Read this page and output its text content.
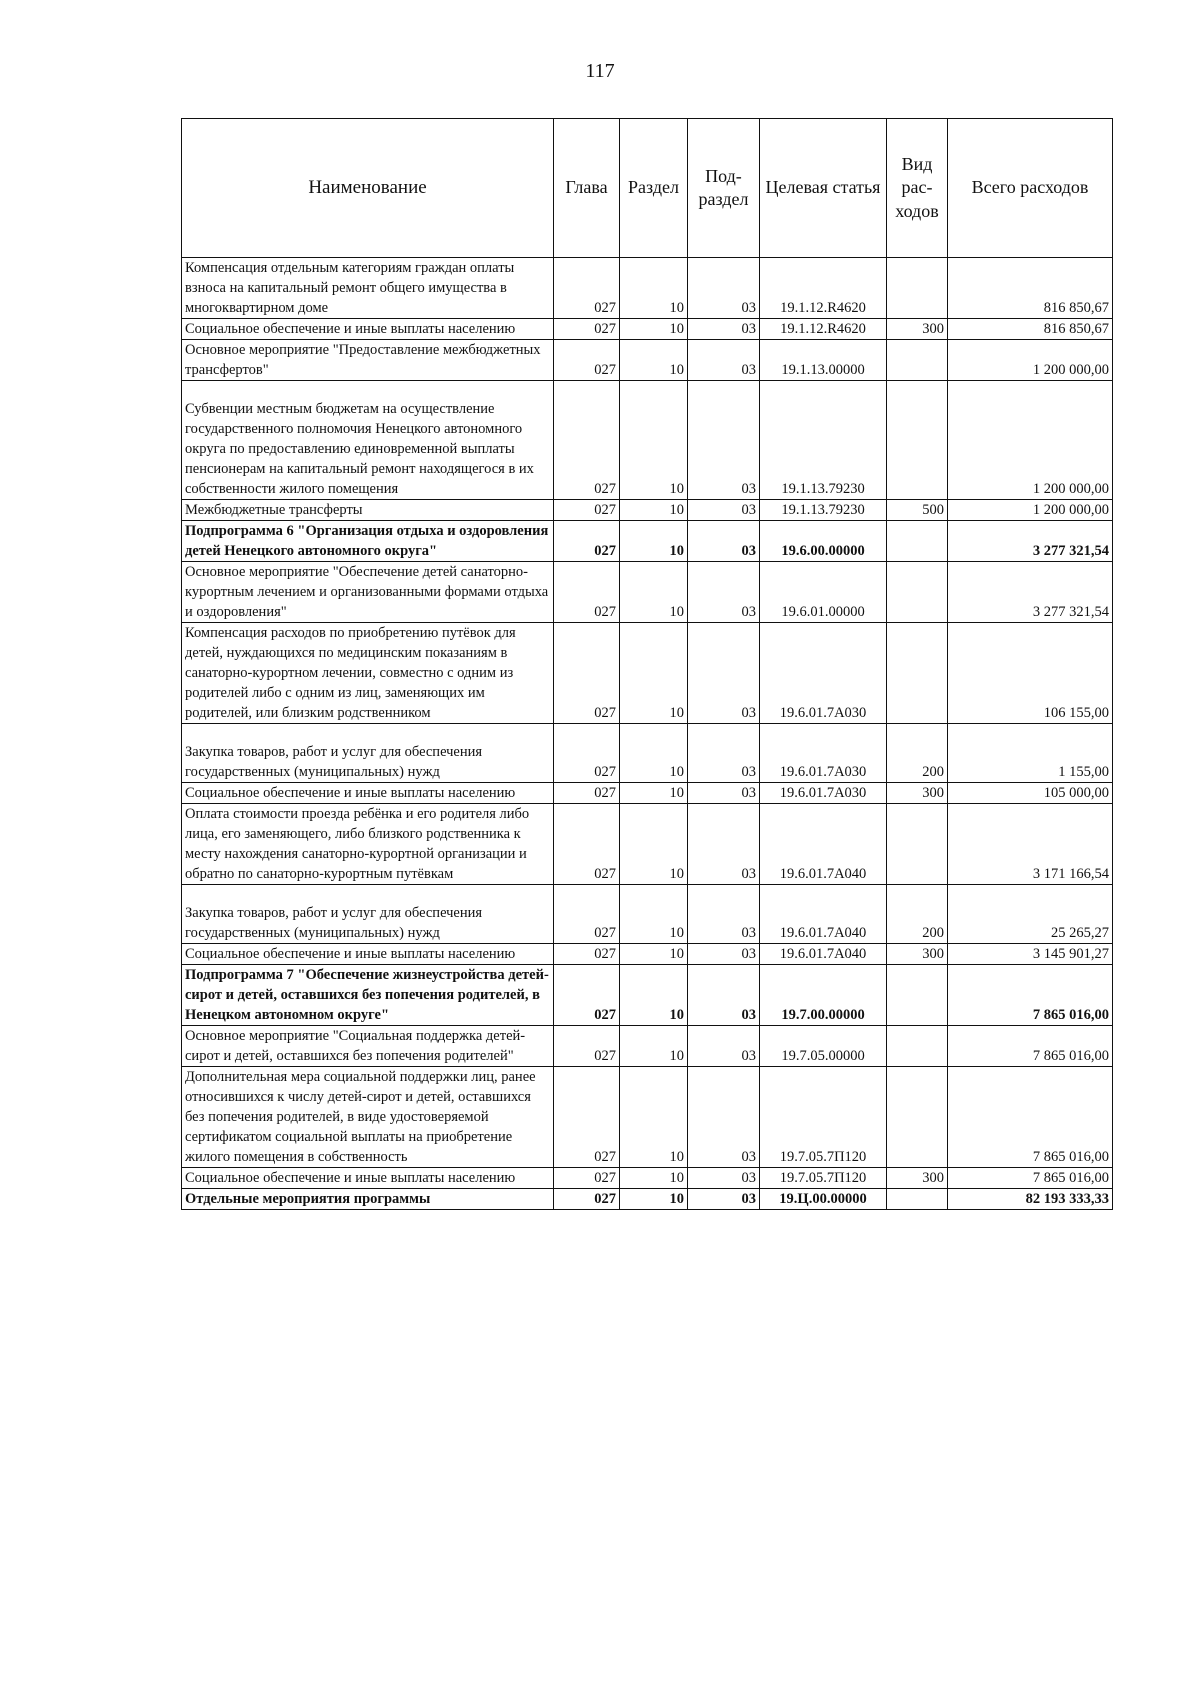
117
Наименование	Глава	Раздел	Под-раздел	Целевая статья	Вид рас-ходов	Всего расходов
Компенсация отдельным категориям граждан оплаты взноса на капитальный ремонт общего имущества в многоквартирном доме	027	10	03	19.1.12.R4620		816 850,67
Социальное обеспечение и иные выплаты населению	027	10	03	19.1.12.R4620	300	816 850,67
Основное мероприятие "Предоставление межбюджетных трансфертов"	027	10	03	19.1.13.00000		1 200 000,00
Субвенции местным бюджетам на осуществление государственного полномочия Ненецкого автономного округа по предоставлению единовременной выплаты пенсионерам на капитальный ремонт находящегося в их собственности жилого помещения	027	10	03	19.1.13.79230		1 200 000,00
Межбюджетные трансферты	027	10	03	19.1.13.79230	500	1 200 000,00
Подпрограмма 6 "Организация отдыха и оздоровления детей Ненецкого автономного округа"	027	10	03	19.6.00.00000		3 277 321,54
Основное мероприятие "Обеспечение детей санаторно-курортным лечением и организованными формами отдыха и оздоровления"	027	10	03	19.6.01.00000		3 277 321,54
Компенсация расходов по приобретению путёвок для детей, нуждающихся по медицинским показаниям в санаторно-курортном лечении, совместно с одним из родителей либо с одним из лиц, заменяющих им родителей, или близким родственником	027	10	03	19.6.01.7А030		106 155,00
Закупка товаров, работ и услуг для обеспечения государственных (муниципальных) нужд	027	10	03	19.6.01.7А030	200	1 155,00
Социальное обеспечение и иные выплаты населению	027	10	03	19.6.01.7А030	300	105 000,00
Оплата стоимости проезда ребёнка и его родителя либо лица, его заменяющего, либо близкого родственника к месту нахождения санаторно-курортной организации и обратно по санаторно-курортным путёвкам	027	10	03	19.6.01.7А040		3 171 166,54
Закупка товаров, работ и услуг для обеспечения государственных (муниципальных) нужд	027	10	03	19.6.01.7А040	200	25 265,27
Социальное обеспечение и иные выплаты населению	027	10	03	19.6.01.7А040	300	3 145 901,27
Подпрограмма 7 "Обеспечение жизнеустройства детей-сирот и детей, оставшихся без попечения родителей, в Ненецком автономном округе"	027	10	03	19.7.00.00000		7 865 016,00
Основное мероприятие "Социальная поддержка детей-сирот и детей, оставшихся без попечения родителей"	027	10	03	19.7.05.00000		7 865 016,00
Дополнительная мера социальной поддержки лиц, ранее относившихся к числу детей-сирот и детей, оставшихся без попечения родителей, в виде удостоверяемой сертификатом социальной выплаты на приобретение жилого помещения в собственность	027	10	03	19.7.05.7П120		7 865 016,00
Социальное обеспечение и иные выплаты населению	027	10	03	19.7.05.7П120	300	7 865 016,00
Отдельные мероприятия программы	027	10	03	19.Ц.00.00000		82 193 333,33
